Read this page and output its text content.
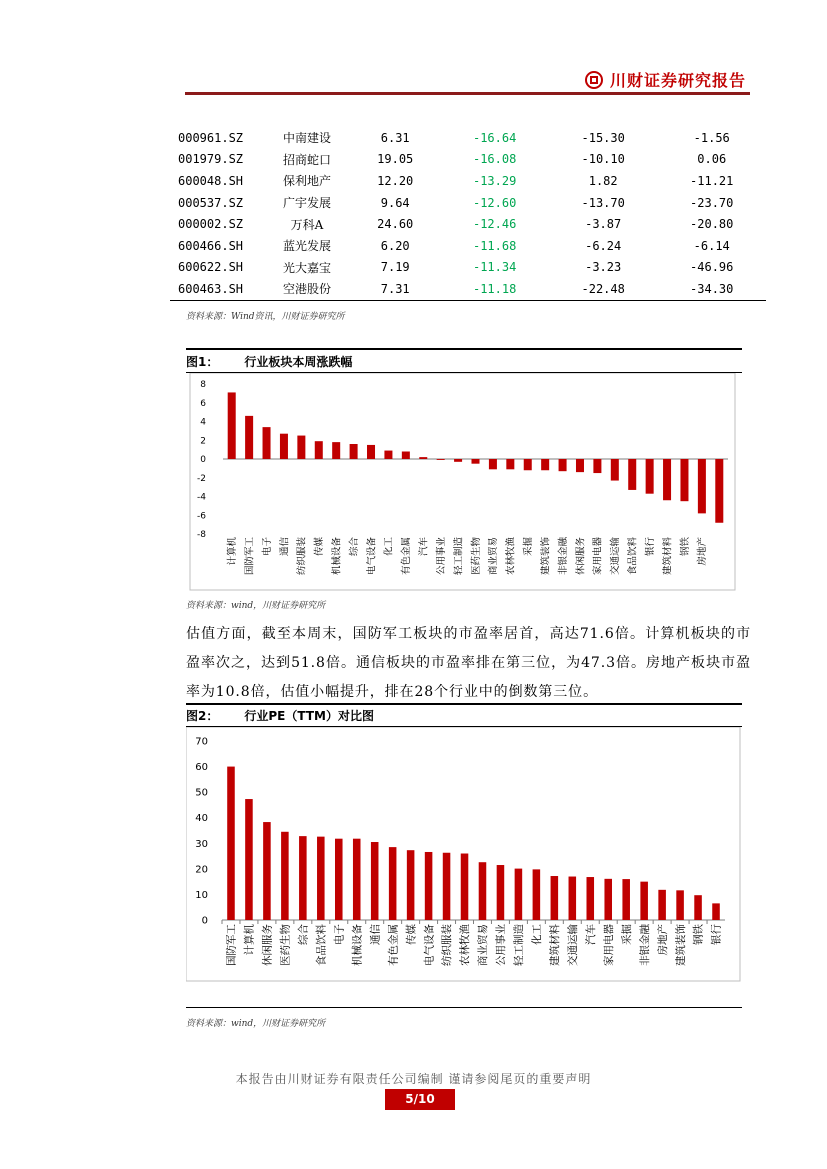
川财证券研究报告
000961.SZ	中南建设	6.31	-16.64	-15.30	-1.56
001979.SZ	招商蛇口	19.05	-16.08	-10.10	0.06
600048.SH	保利地产	12.20	-13.29	1.82	-11.21
000537.SZ	广宇发展	9.64	-12.60	-13.70	-23.70
000002.SZ	万科A	24.60	-12.46	-3.87	-20.80
600466.SH	蓝光发展	6.20	-11.68	-6.24	-6.14
600622.SH	光大嘉宝	7.19	-11.34	-3.23	-46.96
600463.SH	空港股份	7.31	-11.18	-22.48	-34.30
资料来源：Wind资讯，川财证券研究所
图1： 行业板块本周涨跌幅
8
6
4
2
0
-2
-4
-6
-8
计算机 国防军工 电子 通信 纺织服装 传媒 机械设备 综合 电气设备 化工 有色金属 汽车 公用事业 轻工制造 医药生物 商业贸易 农林牧渔 采掘 建筑装饰 非银金融 休闲服务 家用电器 交通运输 食品饮料 银行 建筑材料 钢铁 房地产
资料来源：wind，川财证券研究所
估值方面，截至本周末，国防军工板块的市盈率居首，高达71.6倍。计算机板块的市盈率次之，达到51.8倍。通信板块的市盈率排在第三位，为47.3倍。房地产板块市盈率为10.8倍，估值小幅提升，排在28个行业中的倒数第三位。
图2： 行业PE（TTM）对比图
70
60
50
40
30
20
10
0
国防军工 计算机 休闲服务 医药生物 综合 食品饮料 电子 机械设备 通信 有色金属 传媒 电气设备 纺织服装 农林牧渔 商业贸易 公用事业 轻工制造 化工 建筑材料 交通运输 汽车 家用电器 采掘 非银金融 房地产 建筑装饰 钢铁 银行
资料来源：wind，川财证券研究所
本报告由川财证券有限责任公司编制 谨请参阅尾页的重要声明
5/10
